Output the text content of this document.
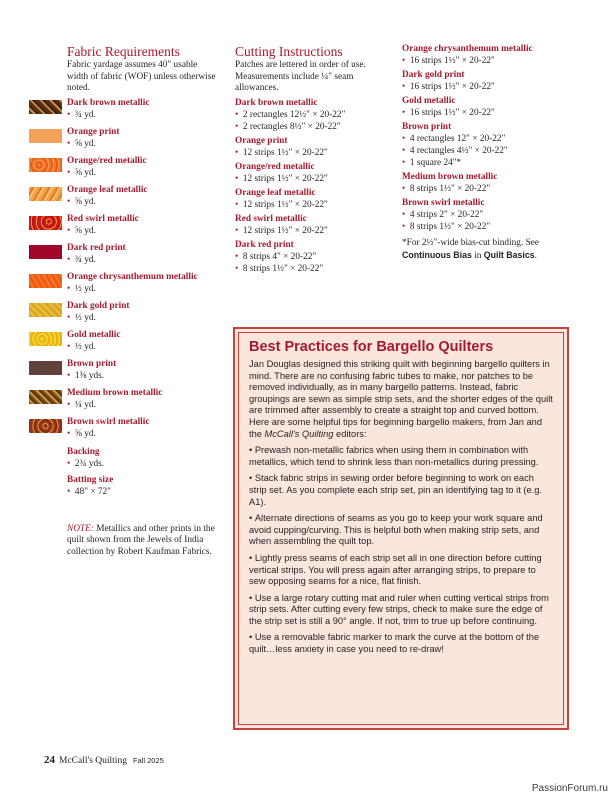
Fabric Requirements

Fabric yardage assumes 40" usable width of fabric (WOF) unless otherwise noted.

Dark brown metallic
•  ¾ yd.
Orange print
•  ⅝ yd.
Orange/red metallic
•  ⅝ yd.
Orange leaf metallic
•  ⅝ yd.
Red swirl metallic
•  ⅝ yd.
Dark red print
•  ¾ yd.
Orange chrysanthemum metallic
•  ½ yd.
Dark gold print
•  ½ yd.
Gold metallic
•  ½ yd.
Brown print
•  1⅜ yds.
Medium brown metallic
•  ¼ yd.
Brown swirl metallic
•  ⅝ yd.
Backing
•  2¾ yds.
Batting size
•  48" × 72"

NOTE: Metallics and other prints in the quilt shown from the Jewels of India collection by Robert Kaufman Fabrics.

Cutting Instructions

Patches are lettered in order of use. Measurements include ¼" seam allowances.

Dark brown metallic
•  2 rectangles 12½" × 20-22"
•  2 rectangles 8½" × 20-22"
Orange print
•  12 strips 1½" × 20-22"
Orange/red metallic
•  12 strips 1½" × 20-22"
Orange leaf metallic
•  12 strips 1½" × 20-22"
Red swirl metallic
•  12 strips 1½" × 20-22"
Dark red print
•  8 strips 4" × 20-22"
•  8 strips 1½" × 20-22"
Orange chrysanthemum metallic
•  16 strips 1½" × 20-22"
Dark gold print
•  16 strips 1½" × 20-22"
Gold metallic
•  16 strips 1½" × 20-22"
Brown print
•  4 rectangles 12" × 20-22"
•  4 rectangles 4½" × 20-22"
•  1 square 24"*
Medium brown metallic
•  8 strips 1½" × 20-22"
Brown swirl metallic
•  4 strips 2" × 20-22"
•  8 strips 1½" × 20-22"

*For 2½"-wide bias-cut binding. See Continuous Bias in Quilt Basics.

Best Practices for Bargello Quilters

Jan Douglas designed this striking quilt with beginning bargello quilters in mind. There are no confusing fabric tubes to make, nor patches to be removed individually, as in many bargello patterns. Instead, fabric groupings are sewn as simple strip sets, and the shorter edges of the quilt are trimmed after assembly to create a straight top and curved bottom. Here are some helpful tips for beginning bargello makers, from Jan and the McCall's Quilting editors:

• Prewash non-metallic fabrics when using them in combination with metallics, which tend to shrink less than non-metallics during pressing.

• Stack fabric strips in sewing order before beginning to work on each strip set. As you complete each strip set, pin an identifying tag to it (e.g. A1).

• Alternate directions of seams as you go to keep your work square and avoid cupping/curving. This is helpful both when making strip sets, and when assembling the quilt top.

• Lightly press seams of each strip set all in one direction before cutting vertical strips. You will press again after arranging strips, to prepare to sew opposing seams for a nice, flat finish.

• Use a large rotary cutting mat and ruler when cutting vertical strips from strip sets. After cutting every few strips, check to make sure the edge of the strip set is still a 90° angle. If not, trim to true up before continuing.

• Use a removable fabric marker to mark the curve at the bottom of the quilt…less anxiety in case you need to re-draw!

24 McCall's Quilting Fall 2025
PassionForum.ru
